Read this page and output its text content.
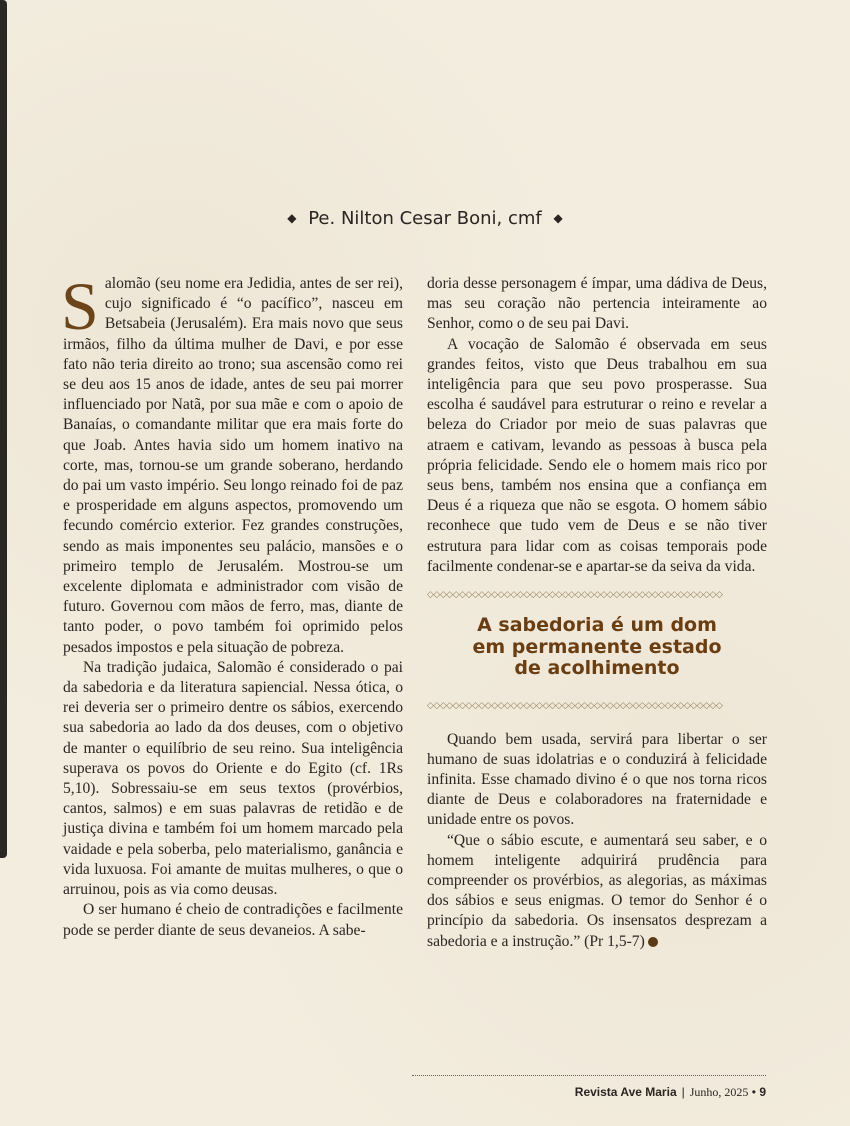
◆ Pe. Nilton Cesar Boni, cmf ◆

Salomão (seu nome era Jedidia, antes de ser rei), cujo significado é “o pacífico”, nasceu em Betsabeia (Jerusalém). Era mais novo que seus irmãos, filho da última mulher de Davi, e por esse fato não teria direito ao trono; sua ascensão como rei se deu aos 15 anos de idade, antes de seu pai morrer influenciado por Natã, por sua mãe e com o apoio de Banaías, o comandante militar que era mais forte do que Joab. Antes havia sido um homem inativo na corte, mas, tornou-se um grande soberano, herdando do pai um vasto império. Seu longo reinado foi de paz e prosperidade em alguns aspectos, promovendo um fecundo comércio exterior. Fez grandes construções, sendo as mais imponentes seu palácio, mansões e o primeiro templo de Jerusalém. Mostrou-se um excelente diplomata e administrador com visão de futuro. Governou com mãos de ferro, mas, diante de tanto poder, o povo também foi oprimido pelos pesados impostos e pela situação de pobreza.

Na tradição judaica, Salomão é considerado o pai da sabedoria e da literatura sapiencial. Nessa ótica, o rei deveria ser o primeiro dentre os sábios, exercendo sua sabedoria ao lado da dos deuses, com o objetivo de manter o equilíbrio de seu reino. Sua inteligência superava os povos do Oriente e do Egito (cf. 1Rs 5,10). Sobressaiu-se em seus textos (provérbios, cantos, salmos) e em suas palavras de retidão e de justiça divina e também foi um homem marcado pela vaidade e pela soberba, pelo materialismo, ganância e vida luxuosa. Foi amante de muitas mulheres, o que o arruinou, pois as via como deusas.

O ser humano é cheio de contradições e facilmente pode se perder diante de seus devaneios. A sabe-

doria desse personagem é ímpar, uma dádiva de Deus, mas seu coração não pertencia inteiramente ao Senhor, como o de seu pai Davi.

A vocação de Salomão é observada em seus grandes feitos, visto que Deus trabalhou em sua inteligência para que seu povo prosperasse. Sua escolha é saudável para estruturar o reino e revelar a beleza do Criador por meio de suas palavras que atraem e cativam, levando as pessoas à busca pela própria felicidade. Sendo ele o homem mais rico por seus bens, também nos ensina que a confiança em Deus é a riqueza que não se esgota. O homem sábio reconhece que tudo vem de Deus e se não tiver estrutura para lidar com as coisas temporais pode facilmente condenar-se e apartar-se da seiva da vida.

◇◇◇◇◇◇◇◇◇◇◇◇◇◇◇◇◇◇◇◇◇◇◇◇◇◇◇◇◇◇◇◇◇◇◇◇◇◇◇◇◇◇◇◇◇◇
A sabedoria é um dom
em permanente estado
de acolhimento
◇◇◇◇◇◇◇◇◇◇◇◇◇◇◇◇◇◇◇◇◇◇◇◇◇◇◇◇◇◇◇◇◇◇◇◇◇◇◇◇◇◇◇◇◇◇

Quando bem usada, servirá para libertar o ser humano de suas idolatrias e o conduzirá à felicidade infinita. Esse chamado divino é o que nos torna ricos diante de Deus e colaboradores na fraternidade e unidade entre os povos.

“Que o sábio escute, e aumentará seu saber, e o homem inteligente adquirirá prudência para compreender os provérbios, as alegorias, as máximas dos sábios e seus enigmas. O temor do Senhor é o princípio da sabedoria. Os insensatos desprezam a sabedoria e a instrução.” (Pr 1,5-7)

Revista Ave Maria | Junho, 2025 • 9
